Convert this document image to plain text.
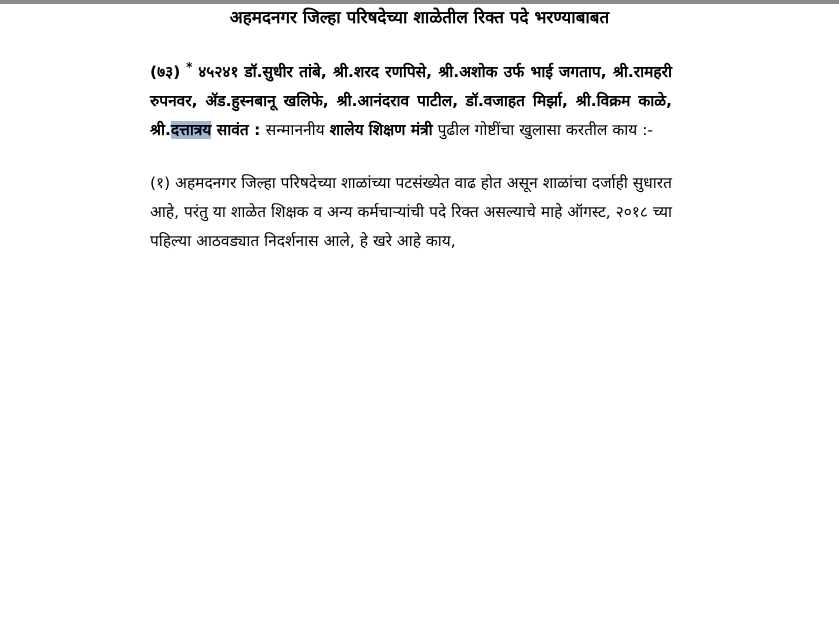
अहमदनगर जिल्हा परिषदेच्या शाळेतील रिक्त पदे भरण्याबाबत
(७३) * ४५२४१ डॉ.सुधीर तांबे, श्री.शरद रणपिसे, श्री.अशोक उर्फ भाई जगताप, श्री.रामहरी रुपनवर, ॲड.हुस्नबानू खलिफे, श्री.आनंदराव पाटील, डॉ.वजाहत मिर्झा, श्री.विक्रम काळे, श्री.दत्तात्रय सावंत : सन्माननीय शालेय शिक्षण मंत्री पुढील गोष्टींचा खुलासा करतील काय :-
(१) अहमदनगर जिल्हा परिषदेच्या शाळांच्या पटसंख्येत वाढ होत असून शाळांचा दर्जाही सुधारत आहे, परंतु या शाळेत शिक्षक व अन्य कर्मचाऱ्यांची पदे रिक्त असल्याचे माहे ऑगस्ट, २०१८ च्या पहिल्या आठवड्यात निदर्शनास आले, हे खरे आहे काय,
